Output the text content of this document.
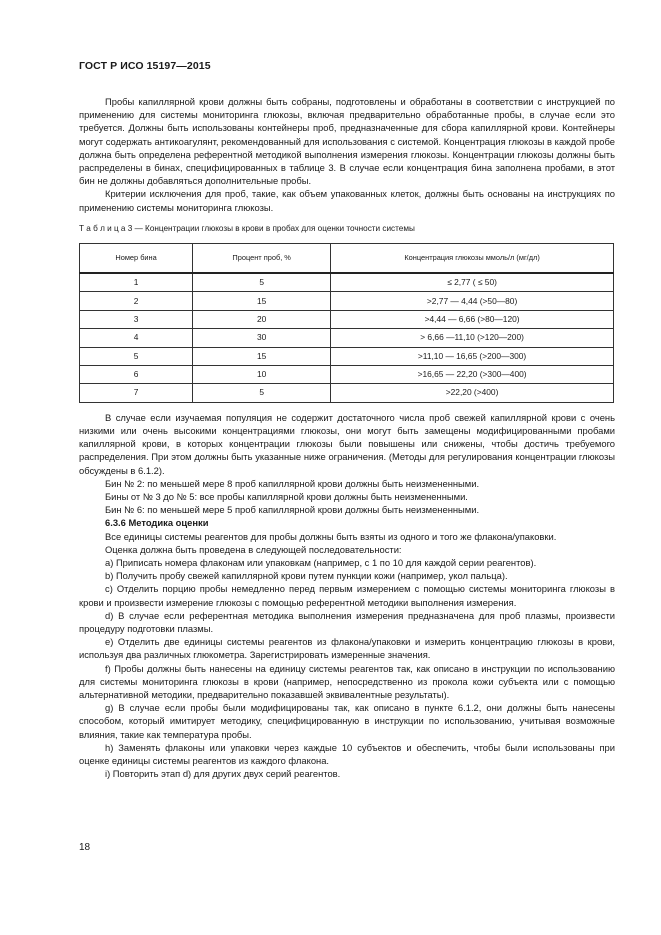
ГОСТ Р ИСО 15197—2015

Пробы капиллярной крови должны быть собраны, подготовлены и обработаны в соответствии с инструкцией по применению для системы мониторинга глюкозы, включая предварительно обработанные пробы, в случае если это требуется. Должны быть использованы контейнеры проб, предназначенные для сбора капиллярной крови. Контейнеры могут содержать антикоагулянт, рекомендованный для использования с системой. Концентрация глюкозы в каждой пробе должна быть определена референтной методикой выполнения измерения глюкозы. Концентрации глюкозы должны быть распределены в бинах, специфицированных в таблице 3. В случае если концентрация бина заполнена пробами, в этот бин не должны добавляться дополнительные пробы.

Критерии исключения для проб, такие, как объем упакованных клеток, должны быть основаны на инструкциях по применению системы мониторинга глюкозы.

Т а б л и ц а 3 — Концентрации глюкозы в крови в пробах для оценки точности системы

Номер бина	Процент проб, %	Концентрация глюкозы ммоль/л (мг/дл)
1	5	≤ 2,77 ( ≤ 50)
2	15	>2,77 — 4,44 (>50—80)
3	20	>4,44 — 6,66 (>80—120)
4	30	> 6,66 —11,10 (>120—200)
5	15	>11,10 — 16,65 (>200—300)
6	10	>16,65 — 22,20 (>300—400)
7	5	>22,20 (>400)

В случае если изучаемая популяция не содержит достаточного числа проб свежей капиллярной крови с очень низкими или очень высокими концентрациями глюкозы, они могут быть замещены модифицированными пробами капиллярной крови, в которых концентрации глюкозы были повышены или снижены, чтобы достичь требуемого распределения. При этом должны быть указанные ниже ограничения. (Методы для регулирования концентрации глюкозы обсуждены в 6.1.2).

Бин № 2: по меньшей мере 8 проб капиллярной крови должны быть неизмененными.

Бины от № 3 до № 5: все пробы капиллярной крови должны быть неизмененными.

Бин № 6: по меньшей мере 5 проб капиллярной крови должны быть неизмененными.

6.3.6 Методика оценки

Все единицы системы реагентов для пробы должны быть взяты из одного и того же флакона/упаковки.

Оценка должна быть проведена в следующей последовательности:

а) Приписать номера флаконам или упаковкам (например, с 1 по 10 для каждой серии реагентов).

b) Получить пробу свежей капиллярной крови путем пункции кожи (например, укол пальца).

c) Отделить порцию пробы немедленно перед первым измерением с помощью системы мониторинга глюкозы в крови и произвести измерение глюкозы с помощью референтной методики выполнения измерения.

d) В случае если референтная методика выполнения измерения предназначена для проб плазмы, произвести процедуру подготовки плазмы.

e) Отделить две единицы системы реагентов из флакона/упаковки и измерить концентрацию глюкозы в крови, используя два различных глюкометра. Зарегистрировать измеренные значения.

f) Пробы должны быть нанесены на единицу системы реагентов так, как описано в инструкции по использованию для системы мониторинга глюкозы в крови (например, непосредственно из прокола кожи субъекта или с помощью альтернативной методики, предварительно показавшей эквивалентные результаты).

g) В случае если пробы были модифицированы так, как описано в пункте 6.1.2, они должны быть нанесены способом, который имитирует методику, специфицированную в инструкции по использованию, учитывая возможные влияния, такие как температура пробы.

h) Заменять флаконы или упаковки через каждые 10 субъектов и обеспечить, чтобы были использованы при оценке единицы системы реагентов из каждого флакона.

i) Повторить этап d) для других двух серий реагентов.

18
